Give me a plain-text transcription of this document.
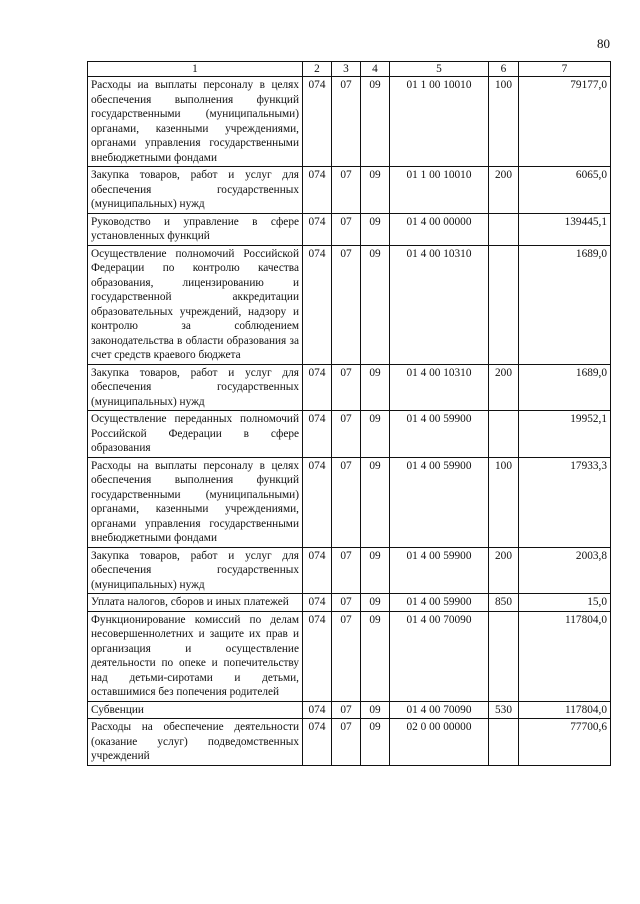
80
1	2	3	4	5	6	7
Расходы иа выплаты персоналу в целях обеспечения выполнения функций государственными (муниципальными) органами, казенными учреждениями, органами управления государственными внебюджетными фондами	074	07	09	01 1 00 10010	100	79177,0
Закупка товаров, работ и услуг для обеспечения государственных (муниципальных) нужд	074	07	09	01 1 00 10010	200	6065,0
Руководство и управление в сфере установленных функций	074	07	09	01 4 00 00000		139445,1
Осуществление полномочий Российской Федерации по контролю качества образования, лицензированию и государственной аккредитации образовательных учреждений, надзору и контролю за соблюдением законодательства в области образования за счет средств краевого бюджета	074	07	09	01 4 00 10310		1689,0
Закупка товаров, работ и услуг для обеспечения государственных (муниципальных) нужд	074	07	09	01 4 00 10310	200	1689,0
Осуществление переданных полномочий Российской Федерации в сфере образования	074	07	09	01 4 00 59900		19952,1
Расходы на выплаты персоналу в целях обеспечения выполнения функций государственными (муниципальными) органами, казенными учреждениями, органами управления государственными внебюджетными фондами	074	07	09	01 4 00 59900	100	17933,3
Закупка товаров, работ и услуг для обеспечения государственных (муниципальных) нужд	074	07	09	01 4 00 59900	200	2003,8
Уплата налогов, сборов и иных платежей	074	07	09	01 4 00 59900	850	15,0
Функционирование комиссий по делам несовершеннолетних и защите их прав и организация и осуществление деятельности по опеке и попечительству над детьми-сиротами и детьми, оставшимися без попечения родителей	074	07	09	01 4 00 70090		117804,0
Субвенции	074	07	09	01 4 00 70090	530	117804,0
Расходы на обеспечение деятельности (оказание услуг) подведомственных учреждений	074	07	09	02 0 00 00000		77700,6
